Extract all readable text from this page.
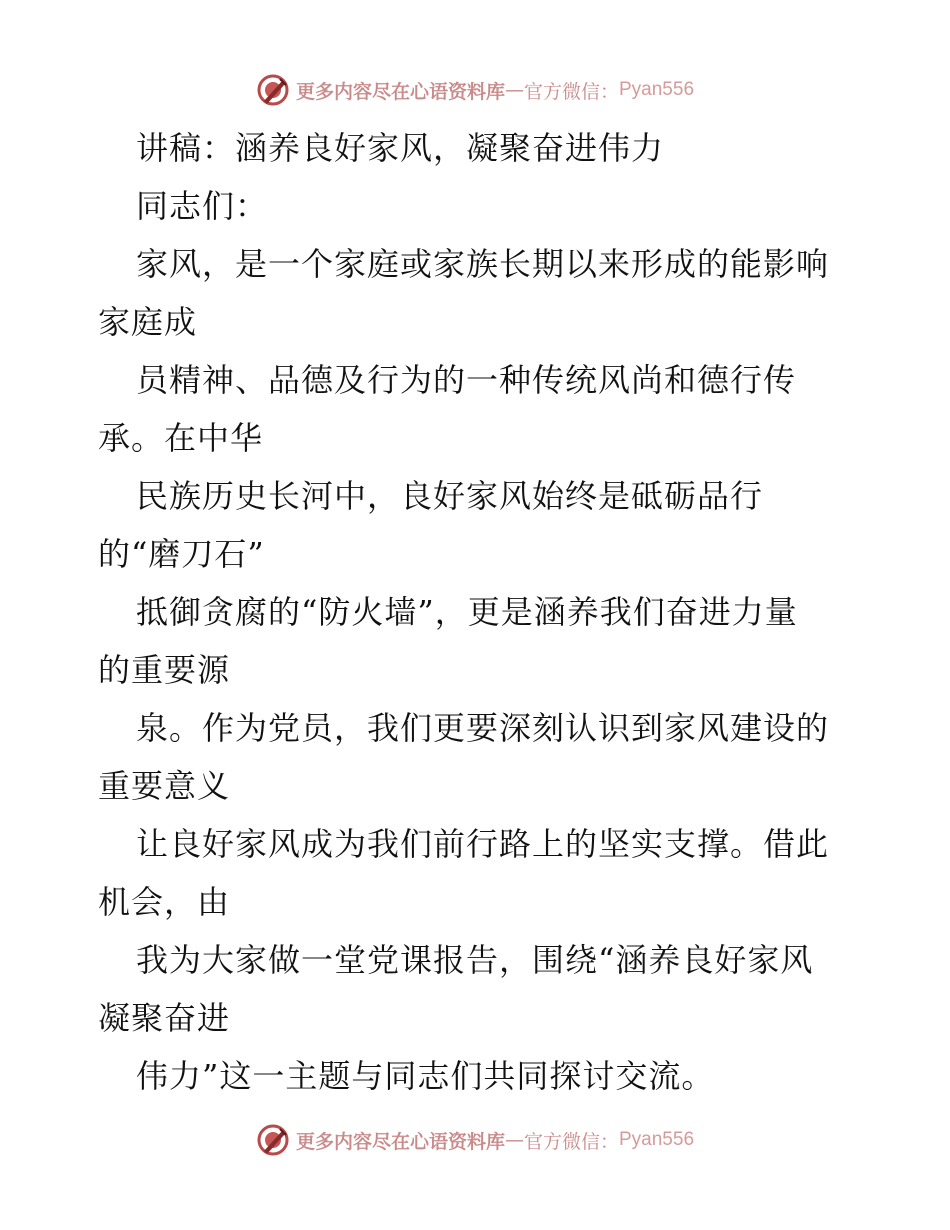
更多内容尽在心语资料库 — 官方微信： Pyan556
讲稿：涵养良好家风，凝聚奋进伟力
同志们：
家风，是一个家庭或家族长期以来形成的能影响
家庭成
员精神、品德及行为的一种传统风尚和德行传
承。在中华
民族历史长河中，良好家风始终是砥砺品行
的“磨刀石”
抵御贪腐的“防火墙”，更是涵养我们奋进力量
的重要源
泉。作为党员，我们更要深刻认识到家风建设的
重要意义
让良好家风成为我们前行路上的坚实支撑。借此
机会，由
我为大家做一堂党课报告，围绕“涵养良好家风
凝聚奋进
伟力”这一主题与同志们共同探讨交流。
更多内容尽在心语资料库 — 官方微信： Pyan556
